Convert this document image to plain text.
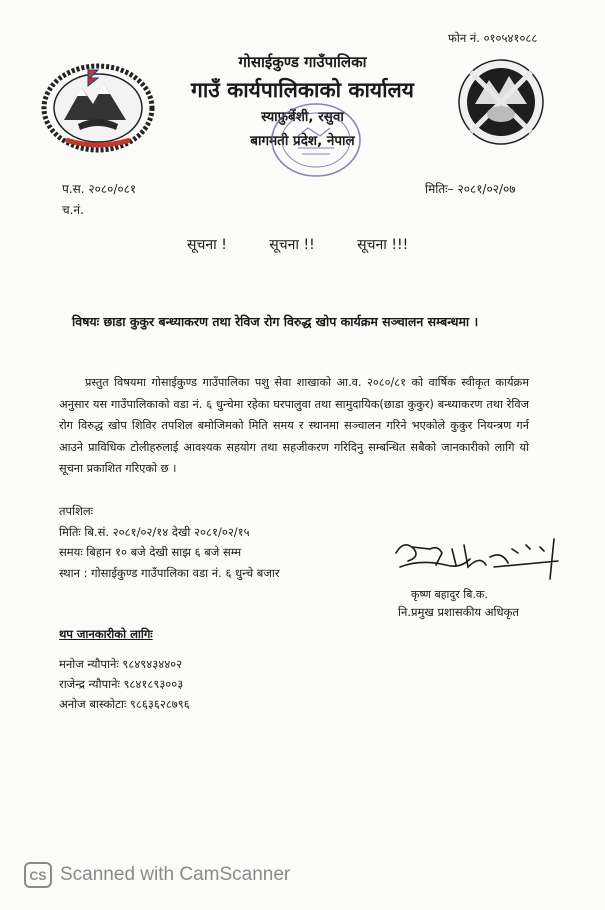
फोन नं. ०१०५४१०८८
गोसाईकुण्ड गाउँपालिका
गाउँ कार्यपालिकाको कार्यालय
स्याफ्रुबेंशी, रसुवा
बागमती प्रदेश, नेपाल
प.स. २०८०/०८१
च.नं.
मितिः– २०८१/०२/०७
सूचना !	सूचना !!	सूचना !!!
विषयः छाडा कुकुर बन्ध्याकरण तथा रेविज रोग विरुद्ध खोप कार्यक्रम सञ्चालन सम्बन्धमा ।
प्रस्तुत विषयमा गोसाईकुण्ड गाउँपालिका पशु सेवा शाखाको आ.व. २०८०/८१ को वार्षिक स्वीकृत कार्यक्रम अनुसार यस गाउँपालिकाको वडा नं. ६ धुन्चेमा रहेका घरपालुवा तथा सामुदायिक(छाडा कुकुर) बन्ध्याकरण तथा रेविज रोग विरुद्ध खोप शिविर तपशिल बमोजिमको मिति समय र स्थानमा सञ्चालन गरिने भएकोले कुकुर नियन्त्रण गर्न आउने प्राविधिक टोलीहरुलाई आवश्यक सहयोग तथा सहजीकरण गरिदिनु सम्बन्धित सबैको जानकारीको लागि यो सूचना प्रकाशित गरिएको छ ।
तपशिलः
मितिः बि.सं. २०८१/०२/१४ देखी २०८१/०२/१५
समयः बिहान १० बजे देखी साझ ६ बजे सम्म
स्थान : गोसाईकुण्ड गाउँपालिका वडा नं. ६ धुन्चे बजार
कृष्ण बहादुर बि.क.
नि.प्रमुख प्रशासकीय अधिकृत
थप जानकारीको लागिः
मनोज न्यौपानेः ९८४९४३४४०२
राजेन्द्र न्यौपानेः ९८४१८९३००३
अनोज बास्कोटाः ९८६३६२८७९६
CS Scanned with CamScanner
